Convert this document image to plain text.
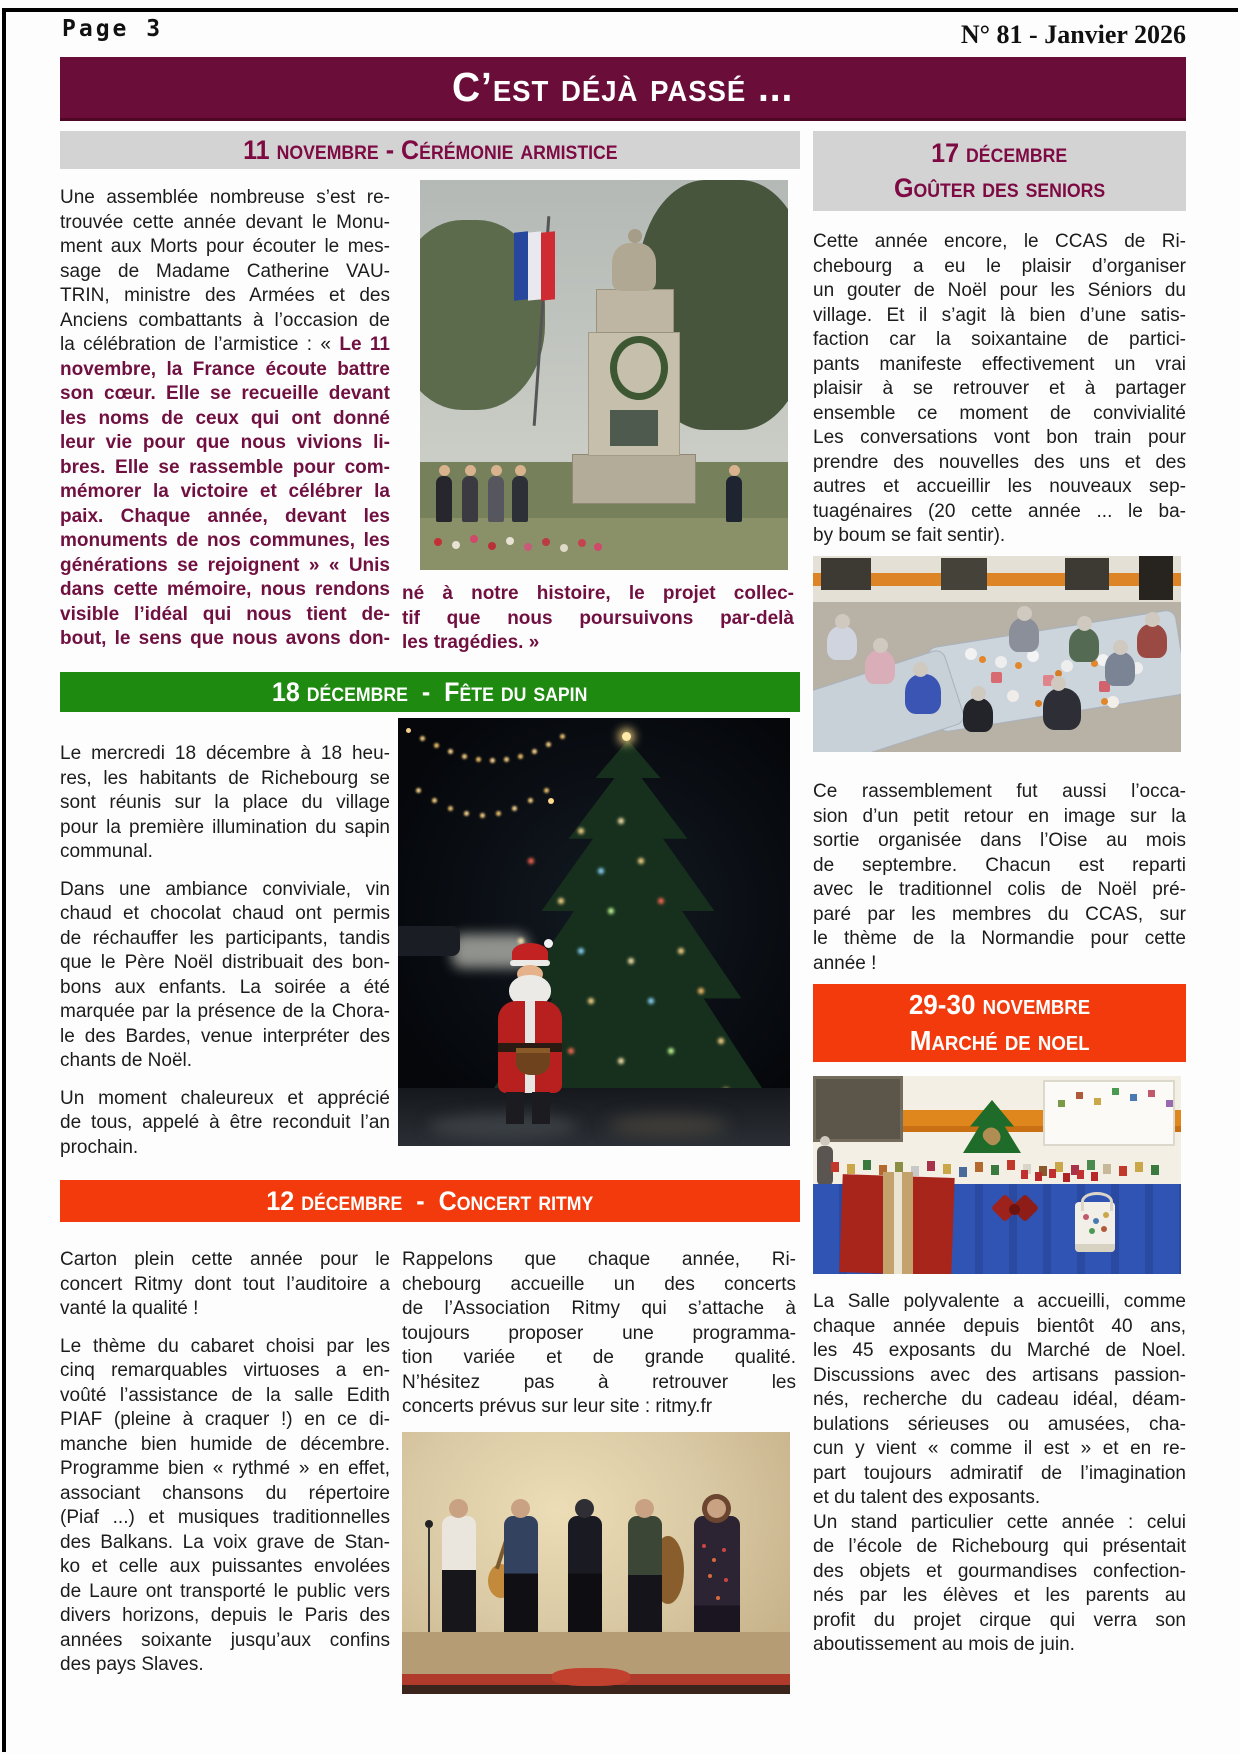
Page 3	N° 81 - Janvier 2026
C’est déjà passé ...
11 novembre - Cérémonie armistice
Une assemblée nombreuse s’est re-
trouvée cette année devant le Monu-
ment aux Morts pour écouter le mes-
sage de Madame Catherine VAU-
TRIN, ministre des Armées et des
Anciens combattants à l’occasion de
la célébration de l’armistice : « Le 11
novembre, la France écoute battre
son cœur. Elle se recueille devant
les noms de ceux qui ont donné
leur vie pour que nous vivions li-
bres. Elle se rassemble pour com-
mémorer la victoire et célébrer la
paix. Chaque année, devant les
monuments de nos communes, les
générations se rejoignent » « Unis
dans cette mémoire, nous rendons
visible l’idéal qui nous tient de-
bout, le sens que nous avons don-
né à notre histoire, le projet collec-
tif que nous poursuivons par-delà
les tragédies. »
17 décembre
Goûter des seniors
Cette année encore, le CCAS de Ri-
chebourg a eu le plaisir d’organiser
un gouter de Noël pour les Séniors du
village. Et il s’agit là bien d’une satis-
faction car la soixantaine de partici-
pants manifeste effectivement un vrai
plaisir à se retrouver et à partager
ensemble ce moment de convivialité
Les conversations vont bon train pour
prendre des nouvelles des uns et des
autres et accueillir les nouveaux sep-
tuagénaires (20 cette année ... le ba-
by boum se fait sentir).
Ce rassemblement fut aussi l’occa-
sion d’un petit retour en image sur la
sortie organisée dans l’Oise au mois
de septembre. Chacun est reparti
avec le traditionnel colis de Noël pré-
paré par les membres du CCAS, sur
le thème de la Normandie pour cette
année !
18 décembre  -  Fête du sapin
Le mercredi 18 décembre à 18 heu-
res, les habitants de Richebourg se
sont réunis sur la place du village
pour la première illumination du sapin
communal.
Dans une ambiance conviviale, vin
chaud et chocolat chaud ont permis
de réchauffer les participants, tandis
que le Père Noël distribuait des bon-
bons aux enfants. La soirée a été
marquée par la présence de la Chora-
le des Bardes, venue interpréter des
chants de Noël.
Un moment chaleureux et apprécié
de tous, appelé à être reconduit l’an
prochain.
12 décembre  -  Concert ritmy
Carton plein cette année pour le
concert Ritmy dont tout l’auditoire a
vanté la qualité !
Le thème du cabaret choisi par les
cinq remarquables virtuoses a en-
voûté l’assistance de la salle Edith
PIAF (pleine à craquer !) en ce di-
manche bien humide de décembre.
Programme bien « rythmé » en effet,
associant chansons du répertoire
(Piaf ...) et musiques traditionnelles
des Balkans. La voix grave de Stan-
ko et celle aux puissantes envolées
de Laure ont transporté le public vers
divers horizons, depuis le Paris des
années soixante jusqu’aux confins
des pays Slaves.
Rappelons que chaque année, Ri-
chebourg accueille un des concerts
de l’Association Ritmy qui s’attache à
toujours proposer une programma-
tion variée et de grande qualité.
N’hésitez pas à retrouver les
concerts prévus sur leur site : ritmy.fr
29-30 novembre
Marché de noel
La Salle polyvalente a accueilli, comme
chaque année depuis bientôt 40 ans,
les 45 exposants du Marché de Noel.
Discussions avec des artisans passion-
nés, recherche du cadeau idéal, déam-
bulations sérieuses ou amusées, cha-
cun y vient « comme il est » et en re-
part toujours admiratif de l’imagination
et du talent des exposants.
Un stand particulier cette année : celui
de l’école de Richebourg qui présentait
des objets et gourmandises confection-
nés par les élèves et les parents au
profit du projet cirque qui verra son
aboutissement au mois de juin.
